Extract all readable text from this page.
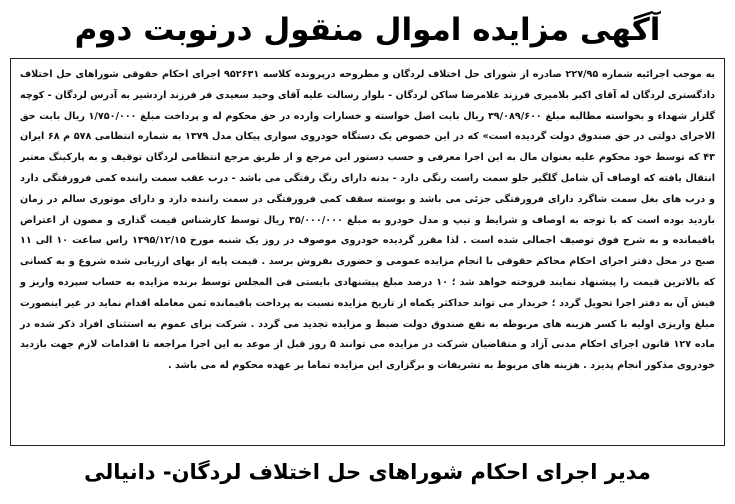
آگهی مزایده اموال منقول درنوبت دوم

به موجب اجرائیه شماره ۲۲۷/۹۵ صادره از شورای حل اختلاف لردگان و مطروحه درپرونده کلاسه ۹۵۲۶۳۱ اجرای احکام حقوقی شوراهای حل اختلاف دادگستری لردگان له آقای اکبر بلامیری فرزند غلامرضا ساکن لردگان - بلوار رسالت علیه آقای وحید سعیدی فر فرزند اردشیر به آدرس لردگان - کوچه گلزار شهداء و بخواسته مطالبه مبلغ ۳۹/۰۸۹/۶۰۰ ریال بابت اصل خواسته و خسارات وارده در حق محکوم له و پرداخت مبلغ ۱/۷۵۰/۰۰۰ ریال بابت حق الاجرای دولتی در حق صندوق دولت گردیده است» که در این خصوص یک دستگاه خودروی سواری پیکان مدل ۱۳۷۹ به شماره انتظامی ۵۷۸ م ۶۸ ایران ۴۳ که توسط خود محکوم علیه بعنوان مال به این اجرا معرفی و حسب دستور این مرجع و از طریق مرجع انتظامی لردگان توقیف و به پارکینگ معتبر انتقال یافته که اوصاف آن شامل گلگیر جلو سمت راست رنگی دارد - بدنه دارای رنگ رفتگی می باشد - درب عقب سمت راننده کمی فرورفتگی دارد و درب های بغل سمت شاگرد دارای فرورفتگی جزئی می باشد و بوسته سقف کمی فرورفتگی در سمت راننده دارد و دارای موتوری سالم در زمان بازدید بوده است که با توجه به اوصاف و شرایط و تیپ و مدل خودرو به مبلغ ۳۵/۰۰۰/۰۰۰ ریال توسط کارشناس قیمت گذاری و مصون از اعتراض باقیمانده و به شرح فوق توصیف اجمالی شده است . لذا مقرر گردیده خودروی موصوف در روز یک شنبه مورخ ۱۳۹۵/۱۲/۱۵ راس ساعت ۱۰ الی ۱۱ صبح در محل دفتر اجرای احکام محاکم حقوقی با انجام مزایده عمومی و حضوری بفروش برسد . قیمت پایه از بهای ارزیابی شده شروع و به کسانی که بالاترین قیمت را پیشنهاد نمایند فروخته خواهد شد ؛ ۱۰ درصد مبلغ پیشنهادی بایستی فی المجلس توسط برنده مزایده به حساب سپرده واریز و فیش آن به دفتر اجرا تحویل گردد ؛ خریدار می تواند حداکثر یکماه از تاریخ مزایده نسبت به پرداخت باقیمانده ثمن معامله اقدام نماید در غیر اینصورت مبلغ واریزی اولیه با کسر هزینه های مربوطه به نفع صندوق دولت ضبط و مزایده تجدید می گردد . شرکت برای عموم به استثنای افراد ذکر شده در ماده ۱۲۷ قانون اجرای احکام مدنی آزاد و متقاضیان شرکت در مزایده می توانند ۵ روز قبل از موعد به این اجرا مراجعه تا اقدامات لازم جهت بازدید خودروی مذکور انجام پذیرد . هزینه های مربوط به تشریفات و برگزاری این مزایده تماما بر عهده محکوم له می باشد .

مدیر اجرای احکام شوراهای حل اختلاف لردگان- دانیالی
